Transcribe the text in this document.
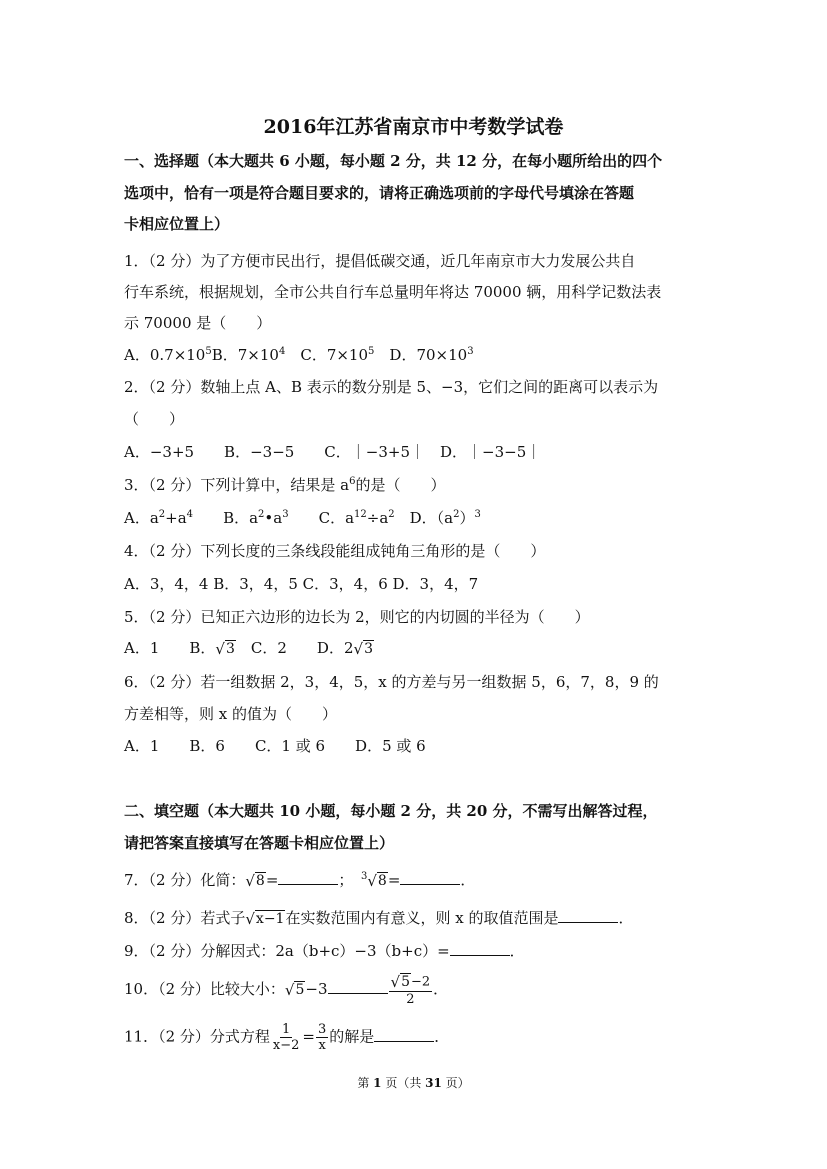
2016年江苏省南京市中考数学试卷
一、选择题（本大题共 6 小题，每小题 2 分，共 12 分，在每小题所给出的四个
选项中，恰有一项是符合题目要求的，请将正确选项前的字母代号填涂在答题
卡相应位置上）
1．（2 分）为了方便市民出行，提倡低碳交通，近几年南京市大力发展公共自
行车系统，根据规划，全市公共自行车总量明年将达 70000 辆，用科学记数法表
示 70000 是（　　）
A．$0.7\times 10^5B$．$7\times 10^4$　 C．$7\times 10^5$　 D．$70\times 10^3$
2．（2 分）数轴上点 A、B 表示的数分别是 5、−3，它们之间的距离可以表示为
（　　）
A．−3+5　　B．−3−5　　C．｜−3+5｜　D．｜−3−5｜
3．（2 分）下列计算中，结果是 $a^6$的是（　　）
A．$a^2+a^4$　　 B．$a^2•a^3$　　 C．$a^{12}\div a^2$　 D．$(a^2)^3$
4．（2 分）下列长度的三条线段能组成钝角三角形的是（　　）
A．3，4，4 B．3，4，5 C．3，4，6 D．3，4，7
5．（2 分）已知正六边形的边长为 2，则它的内切圆的半径为（　　）
A．1　　B． √ 3
　 C．2　　D．2 √ 3
6．（2 分）若一组数据 2，3，4，5，x 的方差与另一组数据 5，6，7，8，9 的
方差相等，则 x 的值为（　　）
A．1　　B．6　　C．1 或 6　　D．5 或 6
二、填空题（本大题共 10 小题，每小题 2 分，共 20 分，不需写出解答过程，
请把答案直接填写在答题卡相应位置上）
7．（2 分）化简： √ 8 =	；　 $^3$ √ 8 =	．
8．（2 分）若式子 √ x−1 在实数范围内有意义，则 x 的取值范围是	．
9．（2 分）分解因式：2a（b+c）−3（b+c）=	．
10．（2 分）比较大小： √ 5 −3	$\frac{√ 5 -2}{2}$ ．
11．（2 分）分式方程 $\frac{1}{x-2} = \frac{3}{x}$ 的解是	．
第 1 页（共 31 页）
